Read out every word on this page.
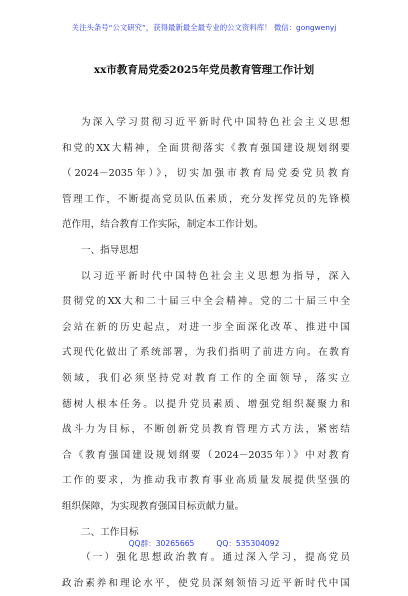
关注头条号“公文研究”，获得最新最全最专业的公文资料库！ 微信：gongwenyj
xx市教育局党委2025年党员教育管理工作计划
为深入学习贯彻习近平新时代中国特色社会主义思想
和党的XX大精神，全面贯彻落实《教育强国建设规划纲要
（2024－2035年）》，切实加强市教育局党委党员教育
管理工作，不断提高党员队伍素质，充分发挥党员的先锋模
范作用，结合教育工作实际，制定本工作计划。
一、指导思想
以习近平新时代中国特色社会主义思想为指导，深入
贯彻党的XX大和二十届三中全会精神。党的二十届三中全
会站在新的历史起点，对进一步全面深化改革、推进中国
式现代化做出了系统部署，为我们指明了前进方向。在教育
领域，我们必须坚持党对教育工作的全面领导，落实立
德树人根本任务。以提升党员素质、增强党组织凝聚力和
战斗力为目标，不断创新党员教育管理方式方法，紧密结
合《教育强国建设规划纲要（2024－2035年）》中对教育
工作的要求，为推动我市教育事业高质量发展提供坚强的
组织保障，为实现教育强国目标贡献力量。
二、工作目标
（一）强化思想政治教育。通过深入学习，提高党员
政治素养和理论水平，使党员深刻领悟习近平新时代中国
QQ群：30265665	QQ：535304092
